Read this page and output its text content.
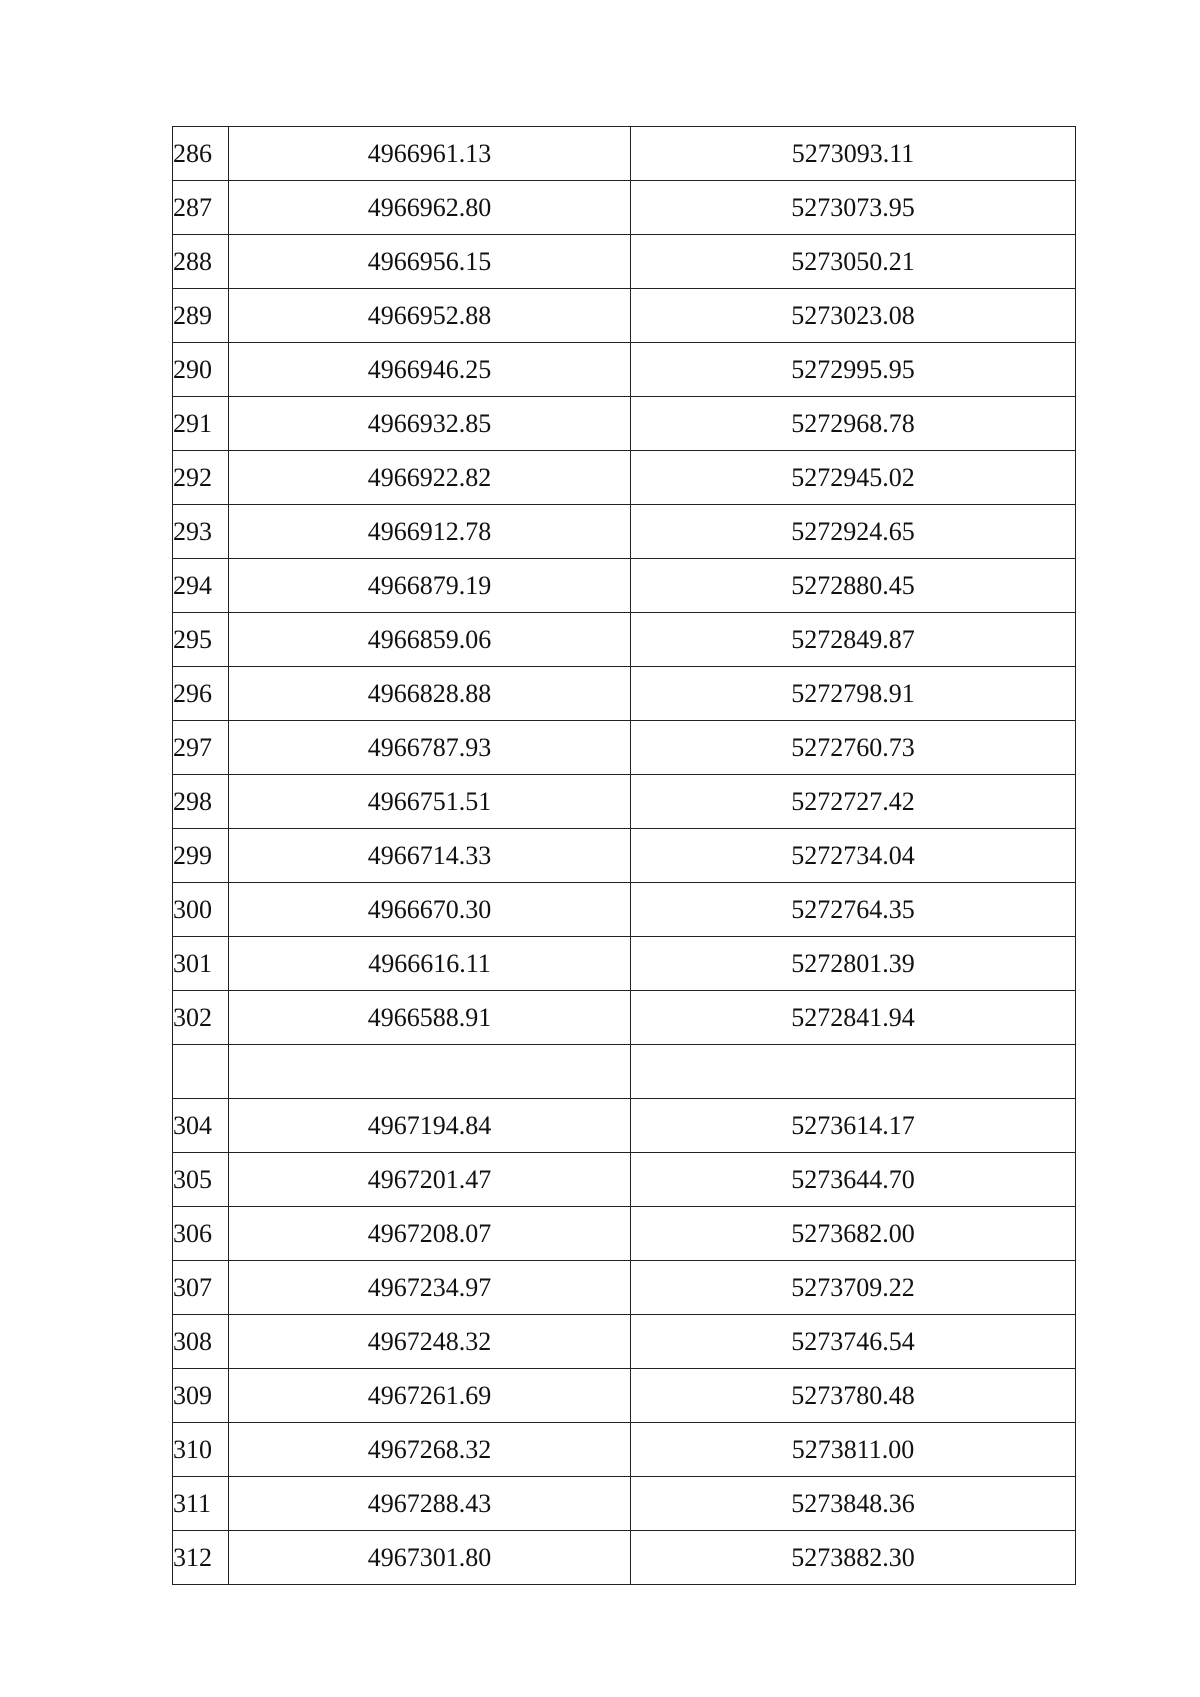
286	4966961.13	5273093.11
287	4966962.80	5273073.95
288	4966956.15	5273050.21
289	4966952.88	5273023.08
290	4966946.25	5272995.95
291	4966932.85	5272968.78
292	4966922.82	5272945.02
293	4966912.78	5272924.65
294	4966879.19	5272880.45
295	4966859.06	5272849.87
296	4966828.88	5272798.91
297	4966787.93	5272760.73
298	4966751.51	5272727.42
299	4966714.33	5272734.04
300	4966670.30	5272764.35
301	4966616.11	5272801.39
302	4966588.91	5272841.94

304	4967194.84	5273614.17
305	4967201.47	5273644.70
306	4967208.07	5273682.00
307	4967234.97	5273709.22
308	4967248.32	5273746.54
309	4967261.69	5273780.48
310	4967268.32	5273811.00
311	4967288.43	5273848.36
312	4967301.80	5273882.30
